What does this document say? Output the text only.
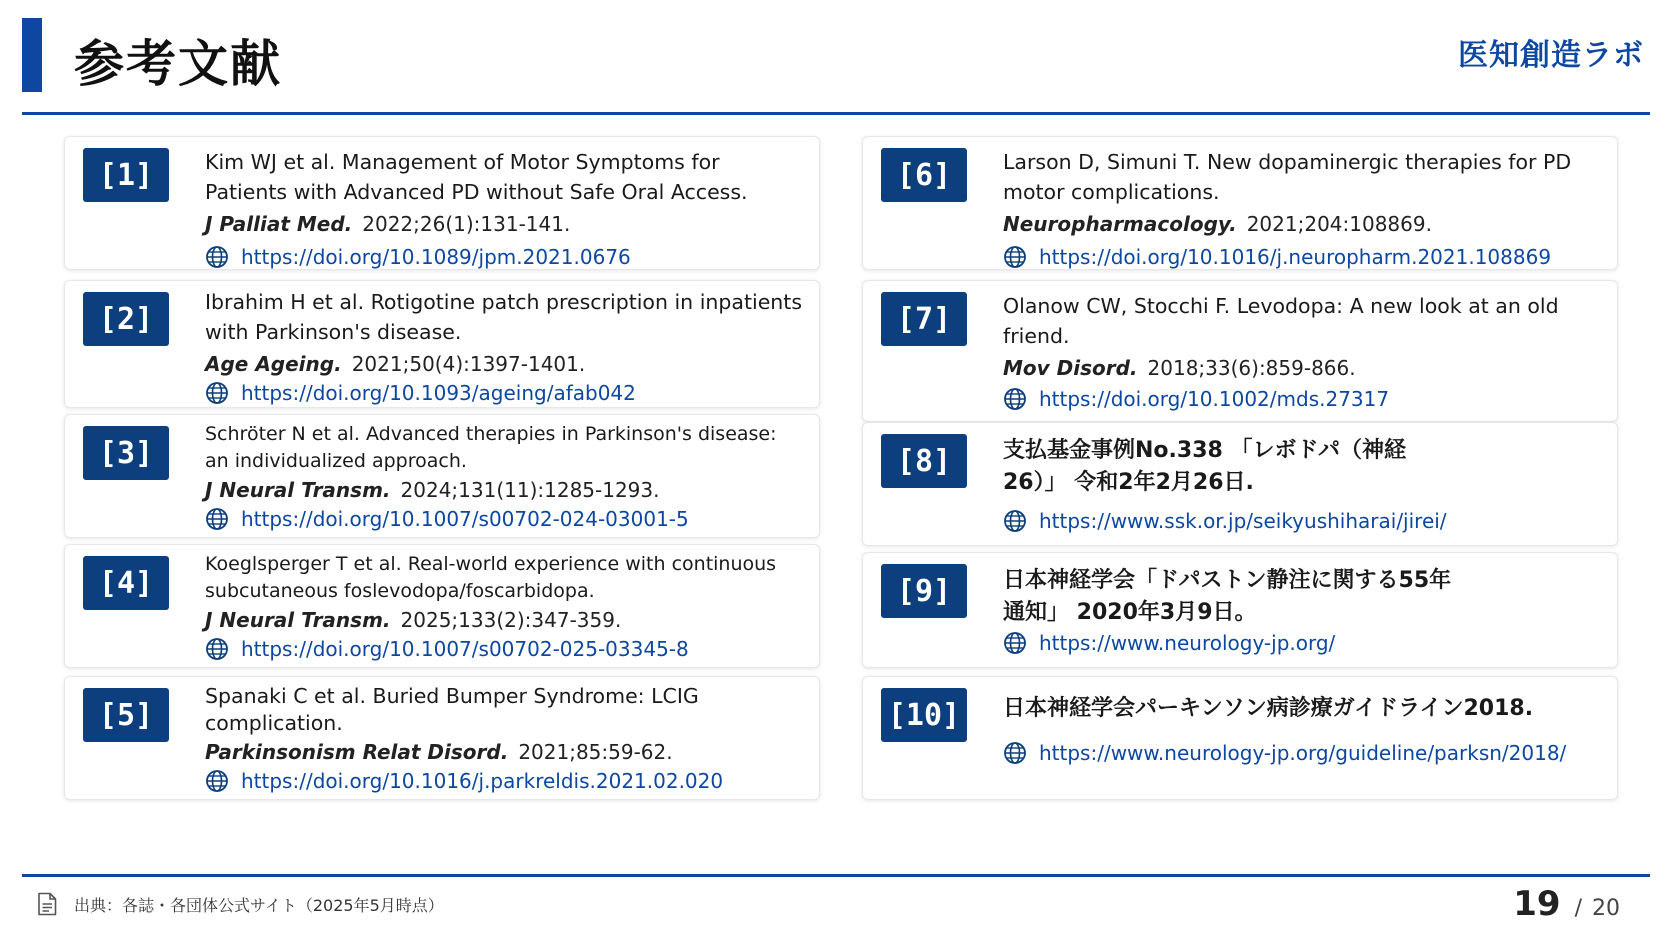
参考文献	医知創造ラボ
[1]	Kim WJ et al. Management of Motor Symptoms for Patients with Advanced PD without Safe Oral Access.

J Palliat Med. 2022;26(1):131-141.
https://doi.org/10.1089/jpm.2021.0676
[2]	Ibrahim H et al. Rotigotine patch prescription in inpatients with Parkinson's disease.

Age Ageing. 2021;50(4):1397-1401.
https://doi.org/10.1093/ageing/afab042
[3]

Schröter N et al. Advanced therapies in Parkinson's disease: an individualized approach.

J Neural Transm. 2024;131(11):1285-1293.
https://doi.org/10.1007/s00702-024-03001-5
[4]

Koeglsperger T et al. Real-world experience with continuous subcutaneous foslevodopa/foscarbidopa.

J Neural Transm. 2025;133(2):347-359.
https://doi.org/10.1007/s00702-025-03345-8
[5]

Spanaki C et al. Buried Bumper Syndrome: LCIG complication.

Parkinsonism Relat Disord. 2021;85:59-62.
https://doi.org/10.1016/j.parkreldis.2021.02.020
[6]	Larson D, Simuni T. New dopaminergic therapies for PD motor complications.

Neuropharmacology. 2021;204:108869.
https://doi.org/10.1016/j.neuropharm.2021.108869
[7]	Olanow CW, Stocchi F. Levodopa: A new look at an old friend.

Mov Disord. 2018;33(6):859-866.
https://doi.org/10.1002/mds.27317
[8]	支払基金事例No.338 「レボドパ（神経26）」 令和2年2月26日.

https://www.ssk.or.jp/seikyushiharai/jirei/
[9]	日本神経学会「ドパストン静注に関する55年通知」 2020年3月9日。

https://www.neurology-jp.org/
[10]	日本神経学会パーキンソン病診療ガイドライン2018.

https://www.neurology-jp.org/guideline/parksn/2018/
出典：各誌・各団体公式サイト（2025年5月時点）	19 / 20
